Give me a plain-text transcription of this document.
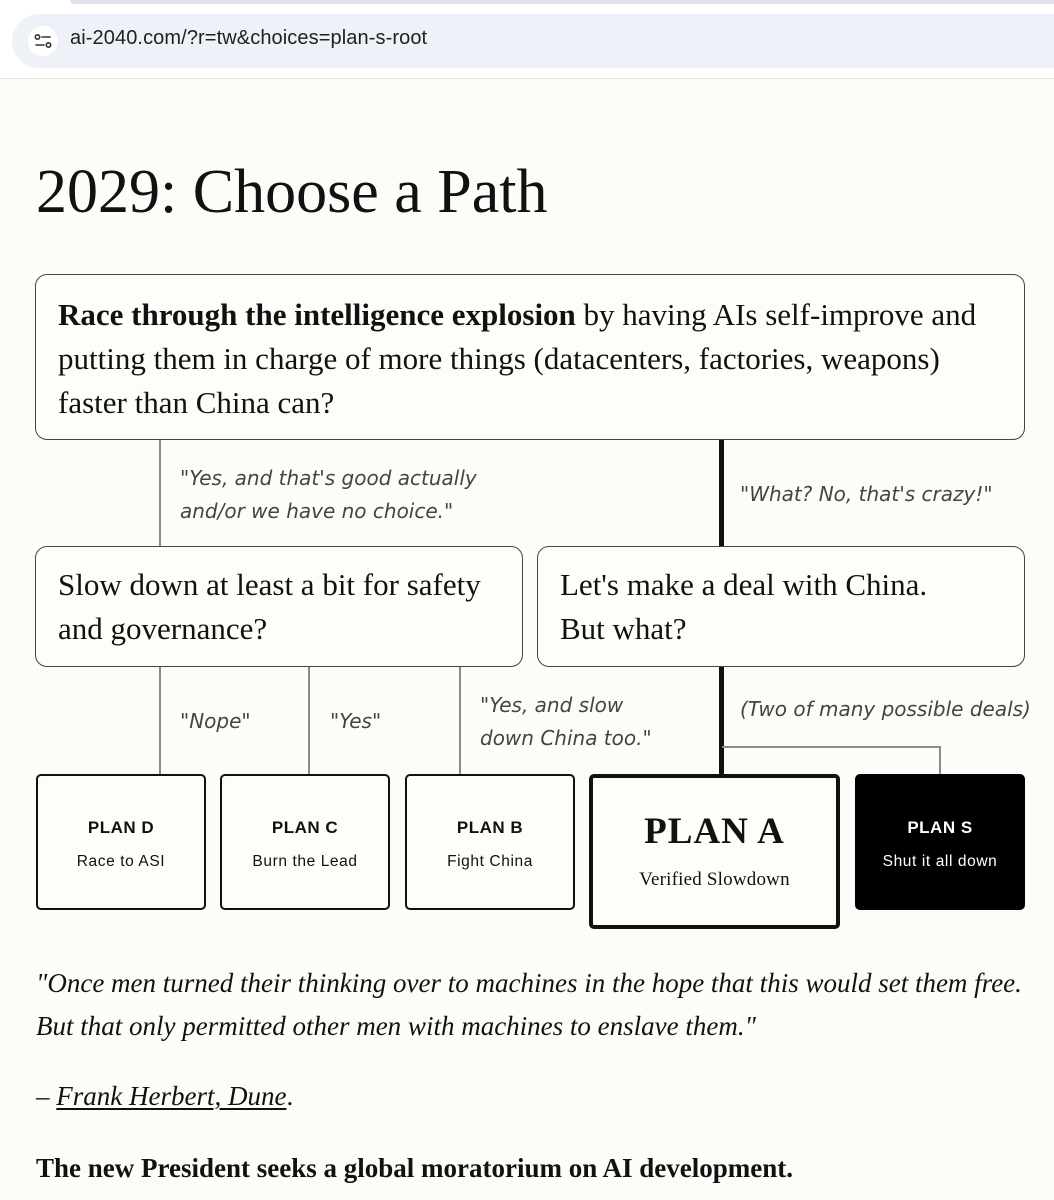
ai-2040.com/?r=tw&choices=plan-s-root
2029: Choose a Path
Race through the intelligence explosion by having AIs self-improve and putting them in charge of more things (datacenters, factories, weapons) faster than China can?
"Yes, and that's good actually
and/or we have no choice."
"What? No, that's crazy!"
Slow down at least a bit for safety and governance?
Let's make a deal with China.
But what?
"Nope"	"Yes"
"Yes, and slow
down China too."
(Two of many possible deals)
PLAN D
Race to ASI
PLAN C
Burn the Lead
PLAN B
Fight China
PLAN A
Verified Slowdown
PLAN S
Shut it all down

"Once men turned their thinking over to machines in the hope that this would set them free. But that only permitted other men with machines to enslave them."

– Frank Herbert, Dune.

The new President seeks a global moratorium on AI development.
